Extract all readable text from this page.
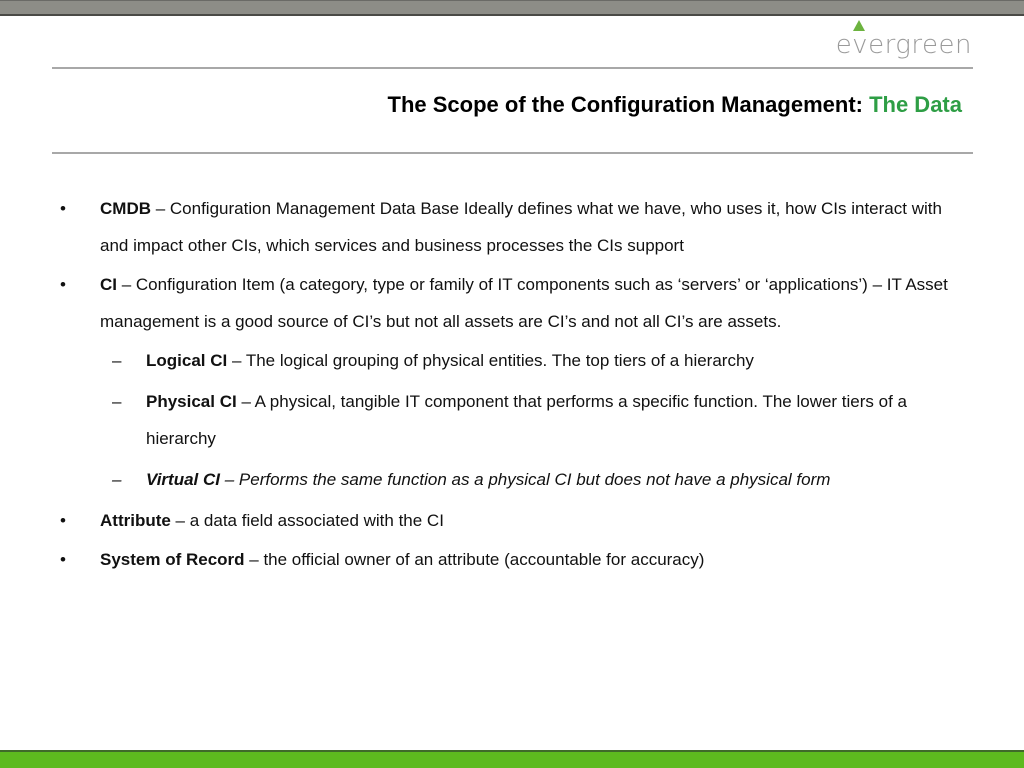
evergreen
The Scope of the Configuration Management: The Data
•	CMDB – Configuration Management Data Base Ideally defines what we have, who uses it, how CIs interact with and impact other CIs, which services and business processes the CIs support
•	CI – Configuration Item (a category, type or family of IT components such as ‘servers’ or ‘applications’) – IT Asset management is a good source of CI’s but not all assets are CI’s and not all CI’s are assets.
– Logical CI – The logical grouping of physical entities. The top tiers of a hierarchy
– Physical CI – A physical, tangible IT component that performs a specific function. The lower tiers of a hierarchy
– Virtual CI – Performs the same function as a physical CI but does not have a physical form
•	Attribute – a data field associated with the CI
•	System of Record – the official owner of an attribute (accountable for accuracy)
